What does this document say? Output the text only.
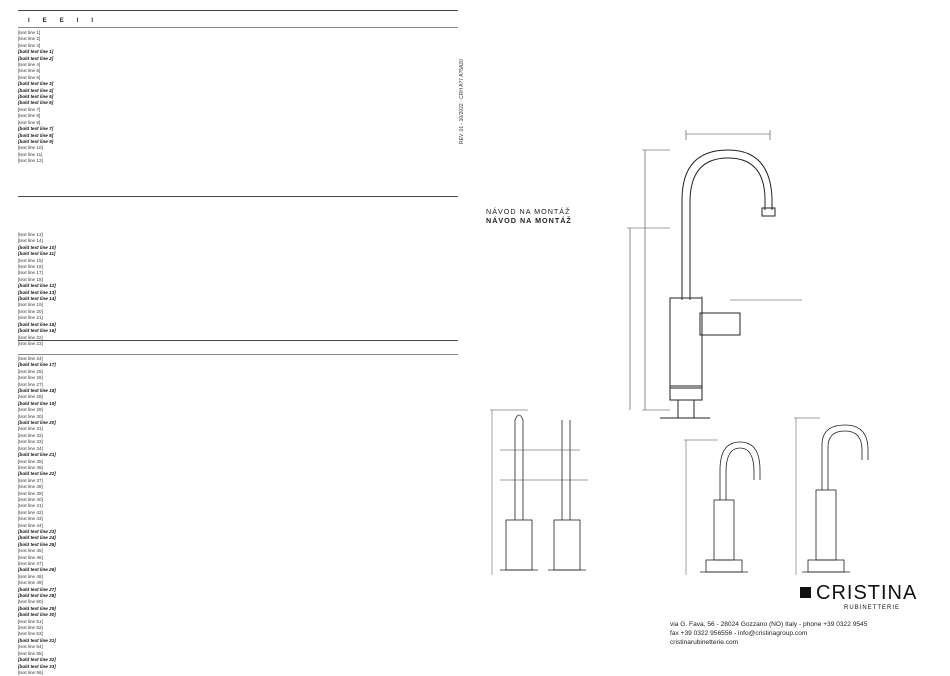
IEEII
[text line 1]
[text line 2]
[text line 3]
[bold text line 1]
[bold text line 2]
[text line 4]
[text line 5]
[text line 6]
[bold text line 3]
[bold text line 4]
[bold text line 5]
[bold text line 6]
[text line 7]
[text line 8]
[text line 9]
[bold text line 7]
[bold text line 8]
[bold text line 9]
[text line 10]
[text line 11]
[text line 12]
[text line 13]
[text line 14]
[bold text line 10]
[bold text line 11]
[text line 15]
[text line 16]
[text line 17]
[text line 18]
[bold text line 12]
[bold text line 13]
[bold text line 14]
[text line 19]
[text line 20]
[text line 21]
[bold text line 15]
[bold text line 16]
[text line 22]
[text line 23]
[text line 24]
[bold text line 17]
[text line 25]
[text line 26]
[text line 27]
[bold text line 18]
[text line 28]
[bold text line 19]
[text line 29]
[text line 30]
[bold text line 20]
[text line 31]
[text line 32]
[text line 33]
[text line 34]
[bold text line 21]
[text line 35]
[text line 36]
[bold text line 22]
[text line 37]
[text line 38]
[text line 39]
[text line 40]
[text line 41]
[text line 42]
[text line 43]
[text line 44]
[bold text line 23]
[bold text line 24]
[bold text line 25]
[text line 45]
[text line 46]
[text line 47]
[bold text line 26]
[text line 48]
[text line 49]
[bold text line 27]
[bold text line 28]
[text line 50]
[bold text line 29]
[bold text line 30]
[text line 51]
[text line 52]
[text line 53]
[bold text line 31]
[text line 54]
[text line 55]
[bold text line 32]
[bold text line 33]
[text line 56]
REV. 01 - 10/2022 · CRH A?7 A?5A20
NÁVOD NA MONTÁŽ
NÁVOD NA MONTÁŽ
CRISTINA
RUBINETTERIE
via G. Fava, 56 - 28024 Gozzano (NO) Italy - phone +39 0322 9545
fax +39 0322 956556 - info@cristinagroup.com
cristinarubinetterie.com
